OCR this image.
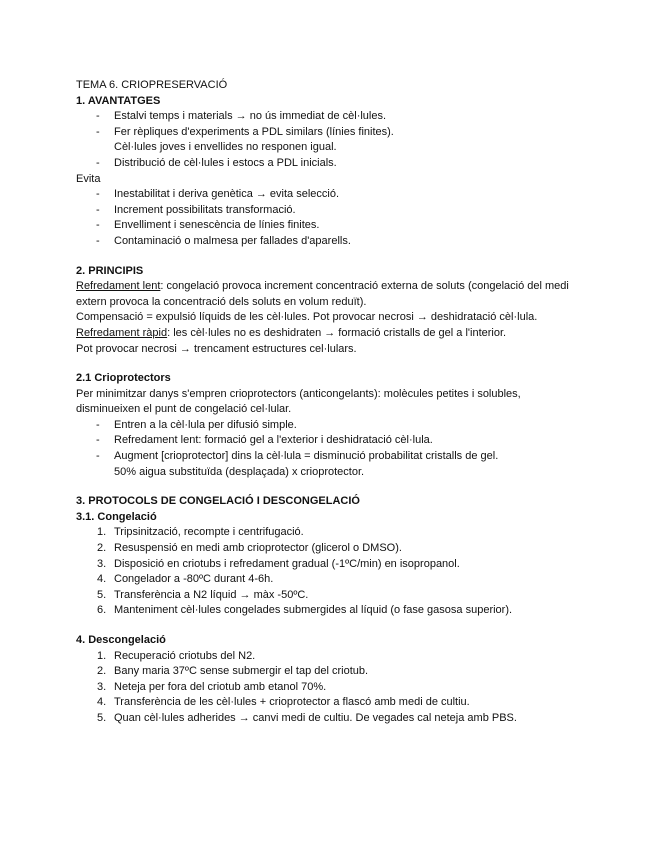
TEMA 6. CRIOPRESERVACIÓ

1. AVANTATGES

- Estalvi temps i materials → no ús immediat de cèl·lules.
- Fer rèpliques d'experiments a PDL similars (línies finites).

Cèl·lules joves i envellides no responen igual.

- Distribució de cèl·lules i estocs a PDL inicials.

Evita

- Inestabilitat i deriva genètica → evita selecció.
- Increment possibilitats transformació.
- Envelliment i senescència de línies finites.
- Contaminació o malmesa per fallades d'aparells.

2. PRINCIPIS

Refredament lent: congelació provoca increment concentració externa de soluts (congelació del medi extern provoca la concentració dels soluts en volum reduït).

Compensació = expulsió líquids de les cèl·lules. Pot provocar necrosi → deshidratació cèl·lula.

Refredament ràpid: les cèl·lules no es deshidraten → formació cristalls de gel a l'interior.

Pot provocar necrosi → trencament estructures cel·lulars.

2.1 Crioprotectors

Per minimitzar danys s'empren crioprotectors (anticongelants): molècules petites i solubles, disminueixen el punt de congelació cel·lular.

- Entren a la cèl·lula per difusió simple.
- Refredament lent: formació gel a l'exterior i deshidratació cèl·lula.
- Augment [crioprotector] dins la cèl·lula = disminució probabilitat cristalls de gel.

50% aigua substituïda (desplaçada) x crioprotector.

3. PROTOCOLS DE CONGELACIÓ I DESCONGELACIÓ

3.1. Congelació

1. Tripsinització, recompte i centrifugació.
2. Resuspensió en medi amb crioprotector (glicerol o DMSO).
3. Disposició en criotubs i refredament gradual (-1ºC/min) en isopropanol.
4. Congelador a -80ºC durant 4-6h.
5. Transferència a N2 líquid → màx -50ºC.
6. Manteniment cèl·lules congelades submergides al líquid (o fase gasosa superior).

4. Descongelació

1. Recuperació criotubs del N2.
2. Bany maria 37ºC sense submergir el tap del criotub.
3. Neteja per fora del criotub amb etanol 70%.
4. Transferència de les cèl·lules + crioprotector a flascó amb medi de cultiu.
5. Quan cèl·lules adherides → canvi medi de cultiu. De vegades cal neteja amb PBS.
